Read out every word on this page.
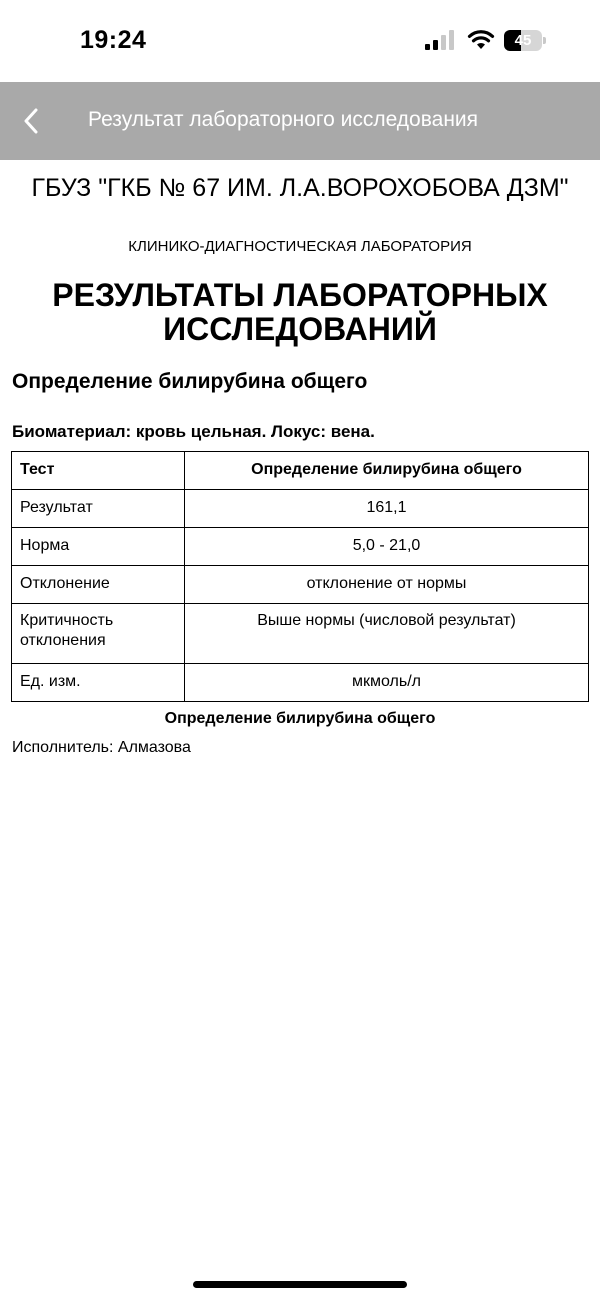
19:24	45
Результат лабораторного исследования
ГБУЗ "ГКБ № 67 ИМ. Л.А.ВОРОХОБОВА ДЗМ"
КЛИНИКО-ДИАГНОСТИЧЕСКАЯ ЛАБОРАТОРИЯ
РЕЗУЛЬТАТЫ ЛАБОРАТОРНЫХ ИССЛЕДОВАНИЙ
Определение билирубина общего
Биоматериал: кровь цельная. Локус: вена.
Тест	Определение билирубина общего
Результат	161,1
Норма	5,0 - 21,0
Отклонение	отклонение от нормы
Критичность отклонения	Выше нормы (числовой результат)
Ед. изм.	мкмоль/л
Определение билирубина общего
Исполнитель: Алмазова
